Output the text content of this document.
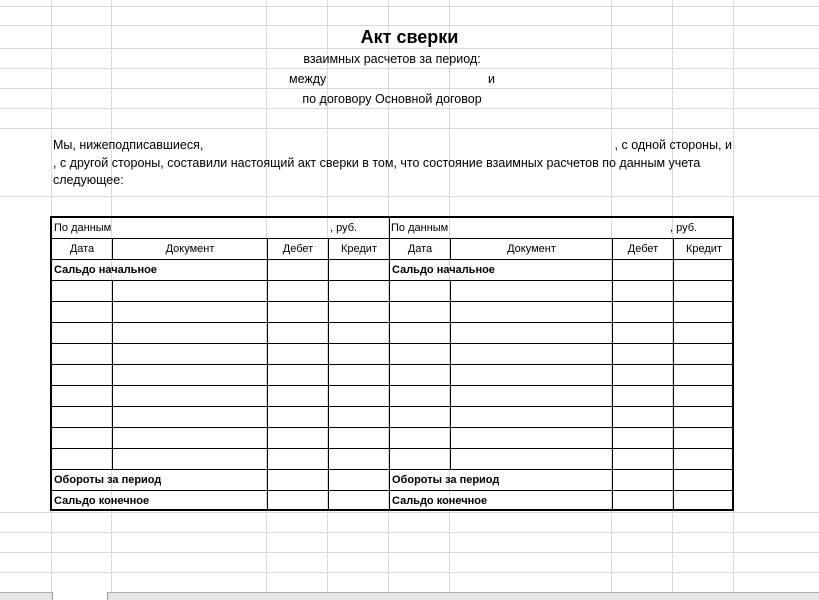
Акт сверки
взаимных расчетов за период:
между	и
по договору Основной договор
Мы, нижеподписавшиеся,	, с одной стороны, и
, с другой стороны, составили настоящий акт сверки в том, что состояние взаимных расчетов по данным учета
следующее:
По данным	, руб.	По данным	, руб.
Дата	Документ	Дебет	Кредит	Дата	Документ	Дебет	Кредит
Сальдо начальное	Сальдо начальное
Обороты за период	Обороты за период
Сальдо конечное	Сальдо конечное
